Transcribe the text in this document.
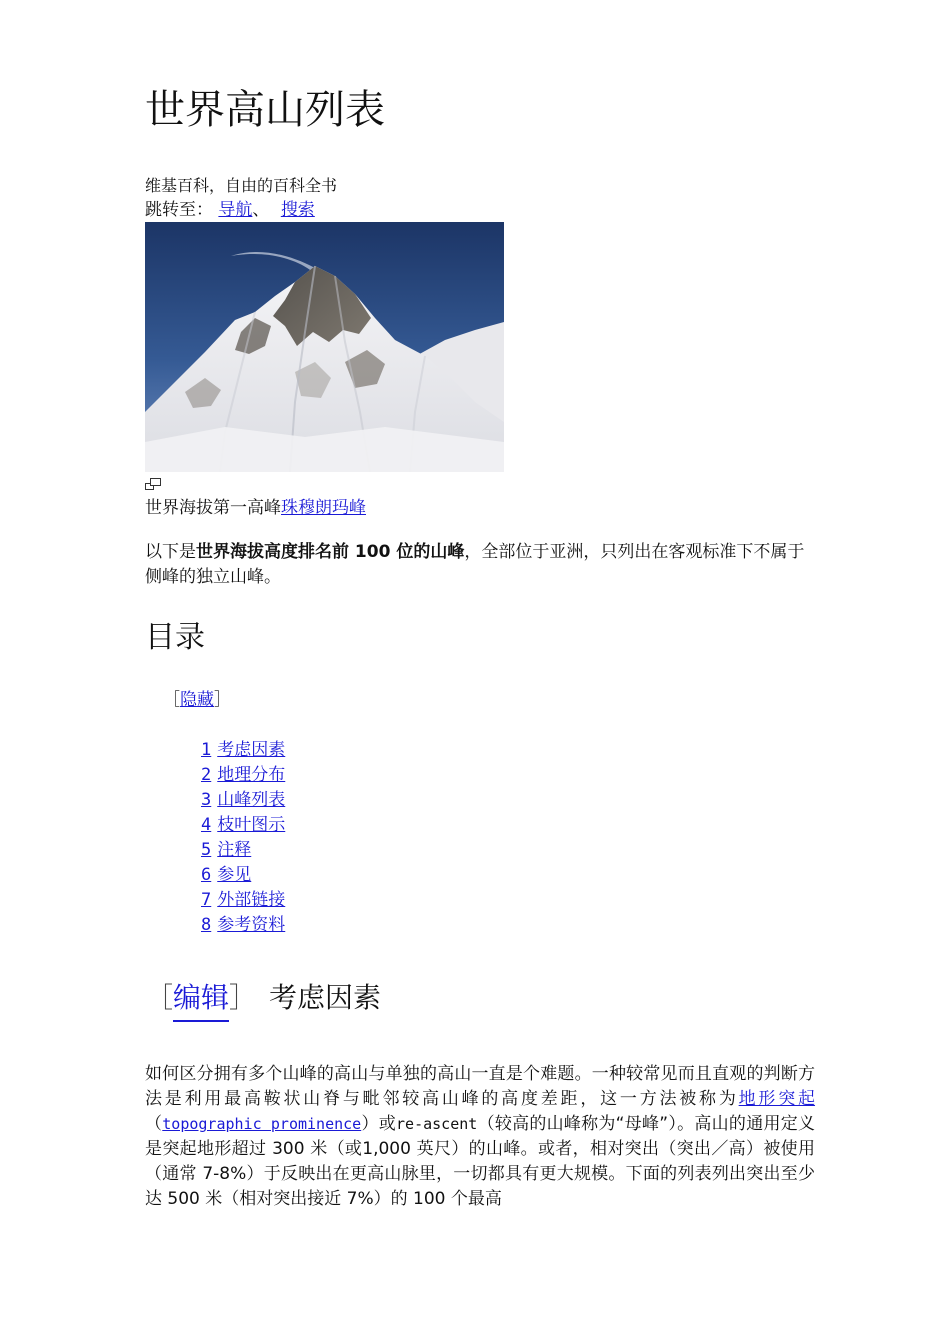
世界高山列表
维基百科，自由的百科全书
跳转至： 导航、 搜索
世界海拔第一高峰珠穆朗玛峰
以下是世界海拔高度排名前 100 位的山峰，全部位于亚洲，只列出在客观标准下不属于侧峰的独立山峰。
目录
［隐藏］
1 考虑因素
2 地理分布
3 山峰列表
4 枝叶图示
5 注释
6 参见
7 外部链接
8 参考资料
［ 编辑 ］ 考虑因素
如何区分拥有多个山峰的高山与单独的高山一直是个难题。一种较常见而且直观的判断方法是利用最高鞍状山脊与毗邻较高山峰的高度差距，这一方法被称为地形突起（topographic prominence）或re-ascent（较高的山峰称为“母峰”）。高山的通用定义是突起地形超过 300 米（或1,000 英尺）的山峰。或者，相对突出（突出／高）被使用（通常 7-8%）于反映出在更高山脉里，一切都具有更大规模。下面的列表列出突出至少达 500 米（相对突出接近 7%）的 100 个最高
